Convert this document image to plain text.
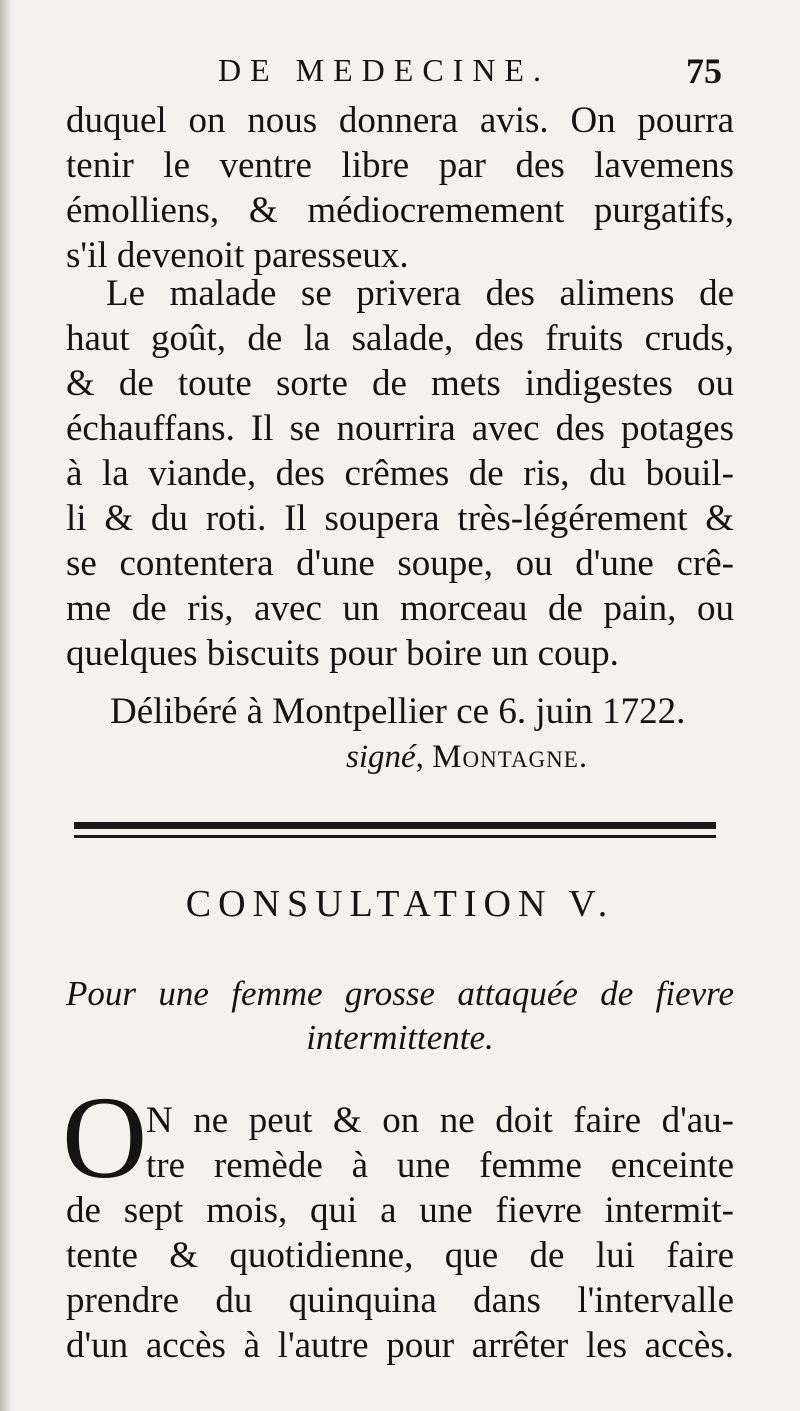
DE MEDECINE.	75
duquel on nous donnera avis. On pourra
tenir le ventre libre par des lavemens
émolliens, & médiocremement purgatifs,
s'il devenoit paresseux.
Le malade se privera des alimens de
haut goût, de la salade, des fruits cruds,
& de toute sorte de mets indigestes ou
échauffans. Il se nourrira avec des potages
à la viande, des crêmes de ris, du bouil-
li & du roti. Il soupera très-légérement &
se contentera d'une soupe, ou d'une crê-
me de ris, avec un morceau de pain, ou
quelques biscuits pour boire un coup.
Délibéré à Montpellier ce 6. juin 1722.
signé, Montagne.
CONSULTATION V.
Pour une femme grosse attaquée de fievre
intermittente.
O
N ne peut & on ne doit faire d'au-
tre remède à une femme enceinte
de sept mois, qui a une fievre intermit-
tente & quotidienne, que de lui faire
prendre du quinquina dans l'intervalle
d'un accès à l'autre pour arrêter les accès.
